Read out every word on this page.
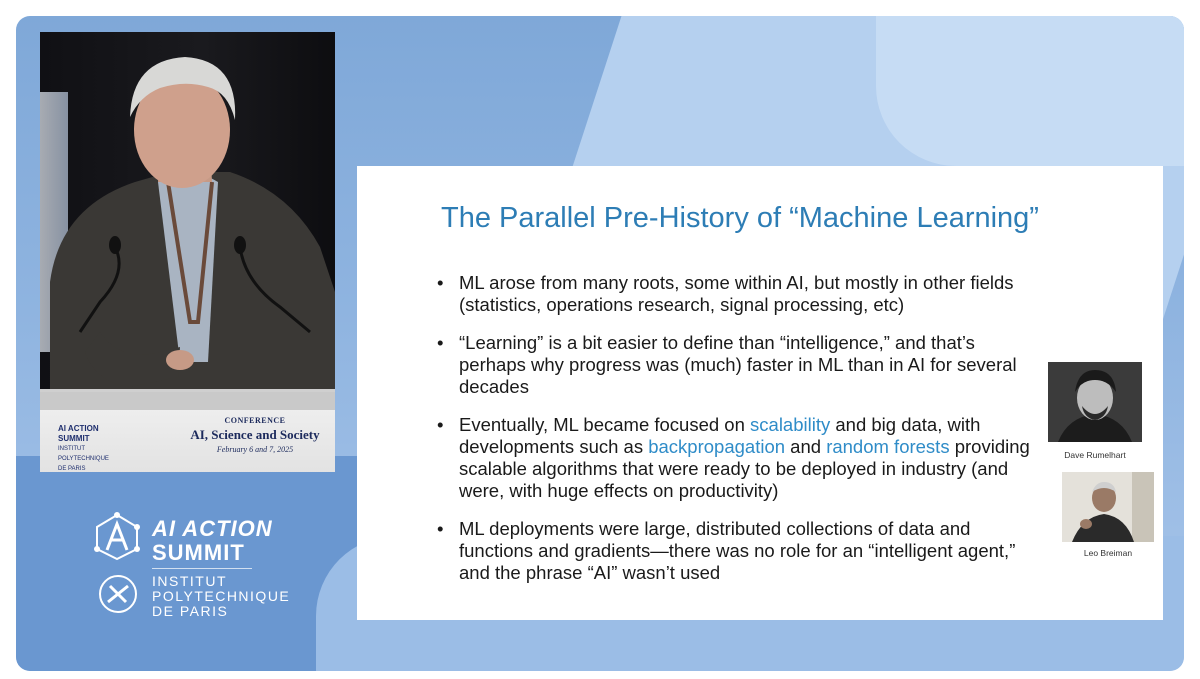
AI ACTION
SUMMIT
INSTITUT
POLYTECHNIQUE
DE PARIS
CONFERENCE
AI, Science and Society
February 6 and 7, 2025
AI ACTION
SUMMIT
INSTITUT
POLYTECHNIQUE
DE PARIS
The Parallel Pre-History of “Machine Learning”
• ML arose from many roots, some within AI, but mostly in other fields (statistics, operations research, signal processing, etc)
• “Learning” is a bit easier to define than “intelligence,” and that’s perhaps why progress was (much) faster in ML than in AI for several decades
• Eventually, ML became focused on scalability and big data, with developments such as backpropagation and random forests providing scalable algorithms that were ready to be deployed in industry (and were, with huge effects on productivity)
• ML deployments were large, distributed collections of data and functions and gradients—there was no role for an “intelligent agent,” and the phrase “AI” wasn’t used
Dave Rumelhart
Leo Breiman
